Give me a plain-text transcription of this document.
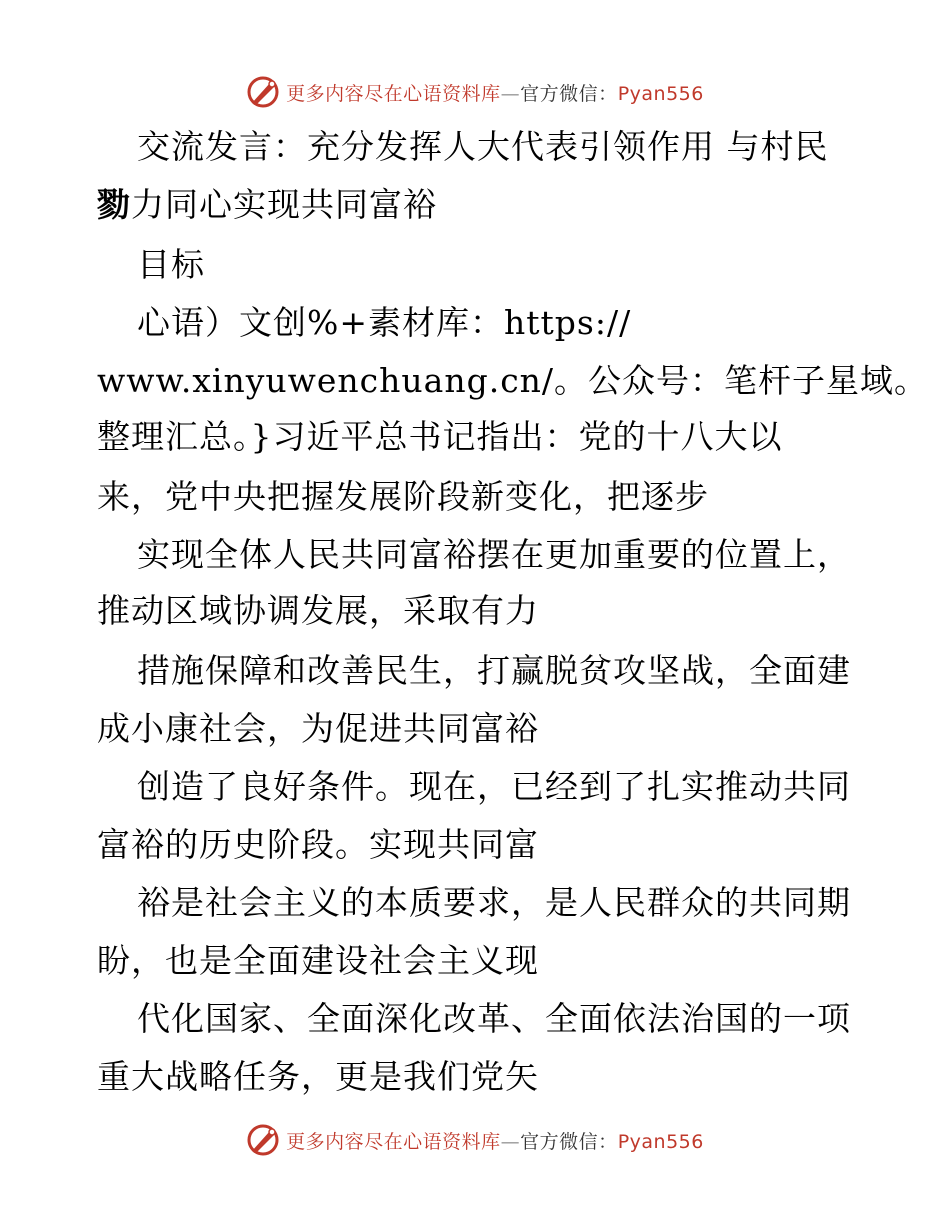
更多内容尽在心语资料库—官方微信：Pyan556
交流发言：充分发挥人大代表引领作用 与村民
勠力同心实现共同富裕
目标
心语）文创%+素材库：https://
www.xinyuwenchuang.cn/。公众号：笔杆子星域。
整理汇总。}习近平总书记指出：党的十八大以
来，党中央把握发展阶段新变化，把逐步
实现全体人民共同富裕摆在更加重要的位置上，
推动区域协调发展，采取有力
措施保障和改善民生，打赢脱贫攻坚战，全面建
成小康社会，为促进共同富裕
创造了良好条件。现在，已经到了扎实推动共同
富裕的历史阶段。实现共同富
裕是社会主义的本质要求，是人民群众的共同期
盼，也是全面建设社会主义现
代化国家、全面深化改革、全面依法治国的一项
重大战略任务，更是我们党矢
更多内容尽在心语资料库—官方微信：Pyan556
